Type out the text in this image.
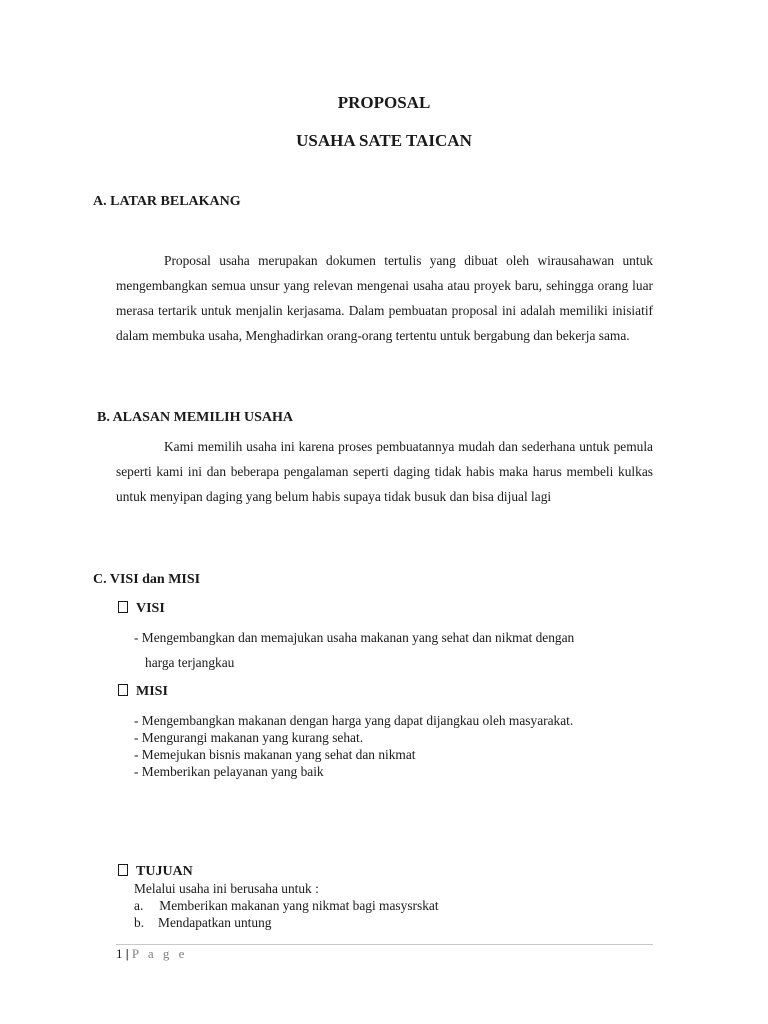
PROPOSAL
USAHA SATE TAICAN
A. LATAR BELAKANG
Proposal usaha merupakan dokumen tertulis yang dibuat oleh wirausahawan untuk mengembangkan semua unsur yang relevan mengenai usaha atau proyek baru, sehingga orang luar merasa tertarik untuk menjalin kerjasama. Dalam pembuatan proposal ini adalah memiliki inisiatif dalam membuka usaha, Menghadirkan orang-orang tertentu untuk bergabung dan bekerja sama.
B. ALASAN MEMILIH USAHA
Kami memilih usaha ini karena proses pembuatannya mudah dan sederhana untuk pemula seperti kami ini dan beberapa pengalaman seperti daging tidak habis maka harus membeli kulkas untuk menyipan daging yang belum habis supaya tidak busuk dan bisa dijual lagi
C. VISI dan MISI
VISI
- Mengembangkan dan memajukan usaha makanan yang sehat dan nikmat dengan
harga terjangkau
MISI
- Mengembangkan makanan dengan harga yang dapat dijangkau oleh masyarakat.
- Mengurangi makanan yang kurang sehat.
- Memejukan bisnis makanan yang sehat dan nikmat
- Memberikan pelayanan yang baik
TUJUAN
Melalui usaha ini berusaha untuk :
a. Memberikan makanan yang nikmat bagi masysrskat
b. Mendapatkan untung
1 | P a g e
